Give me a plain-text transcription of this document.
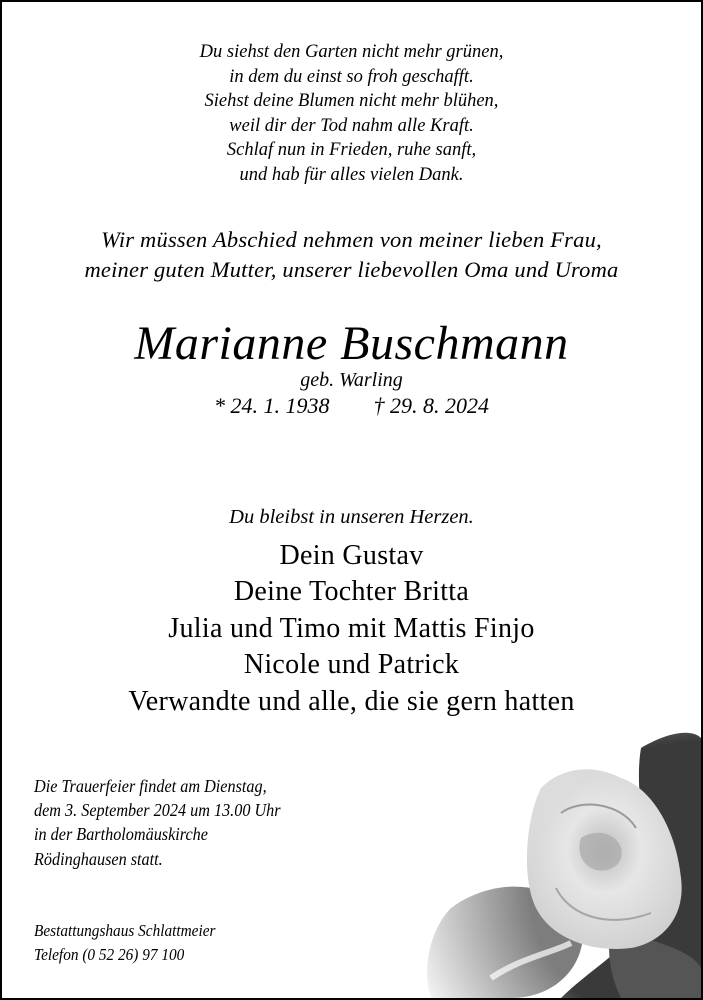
Du siehst den Garten nicht mehr grünen,
in dem du einst so froh geschafft.
Siehst deine Blumen nicht mehr blühen,
weil dir der Tod nahm alle Kraft.
Schlaf nun in Frieden, ruhe sanft,
und hab für alles vielen Dank.
Wir müssen Abschied nehmen von meiner lieben Frau,
meiner guten Mutter, unserer liebevollen Oma und Uroma
Marianne Buschmann
geb. Warling
* 24. 1. 1938 † 29. 8. 2024
Du bleibst in unseren Herzen.
Dein Gustav
Deine Tochter Britta
Julia und Timo mit Mattis Finjo
Nicole und Patrick
Verwandte und alle, die sie gern hatten
Die Trauerfeier findet am Dienstag,
dem 3. September 2024 um 13.00 Uhr
in der Bartholomäuskirche
Rödinghausen statt.
Bestattungshaus Schlattmeier
Telefon (0 52 26) 97 100
